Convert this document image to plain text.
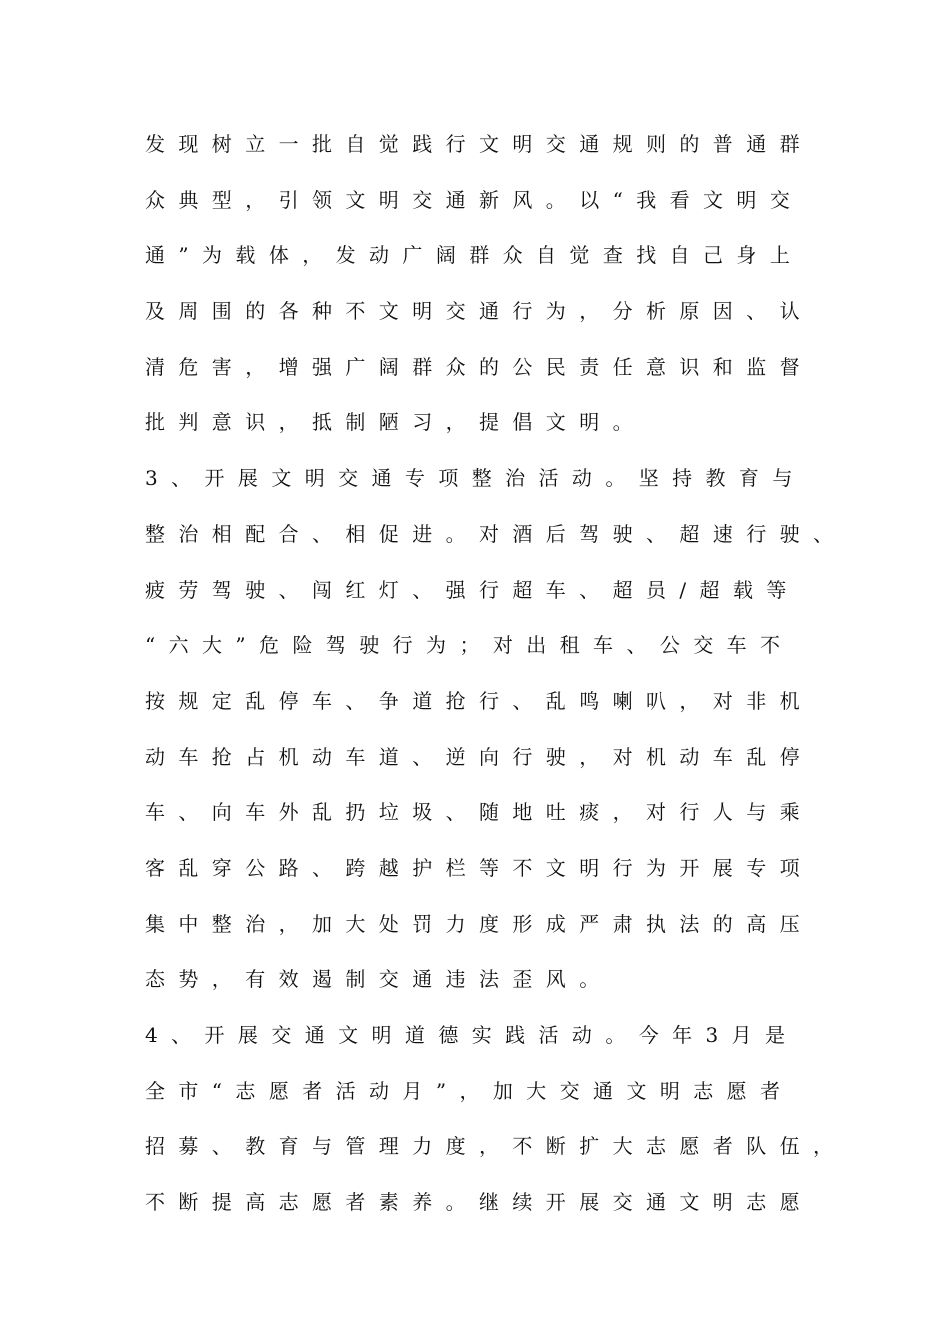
发现树立一批自觉践行文明交通规则的普通群
众典型，引领文明交通新风。以“我看文明交
通”为载体，发动广阔群众自觉查找自己身上
及周围的各种不文明交通行为，分析原因、认
清危害，增强广阔群众的公民责任意识和监督
批判意识，抵制陋习，提倡文明。
3、开展文明交通专项整治活动。坚持教育与
整治相配合、相促进。对酒后驾驶、超速行驶、
疲劳驾驶、闯红灯、强行超车、超员/超载等
“六大”危险驾驶行为；对出租车、公交车不
按规定乱停车、争道抢行、乱鸣喇叭，对非机
动车抢占机动车道、逆向行驶，对机动车乱停
车、向车外乱扔垃圾、随地吐痰，对行人与乘
客乱穿公路、跨越护栏等不文明行为开展专项
集中整治，加大处罚力度形成严肃执法的高压
态势，有效遏制交通违法歪风。
4、开展交通文明道德实践活动。今年3月是
全市“志愿者活动月”，加大交通文明志愿者
招募、教育与管理力度，不断扩大志愿者队伍，
不断提高志愿者素养。继续开展交通文明志愿
